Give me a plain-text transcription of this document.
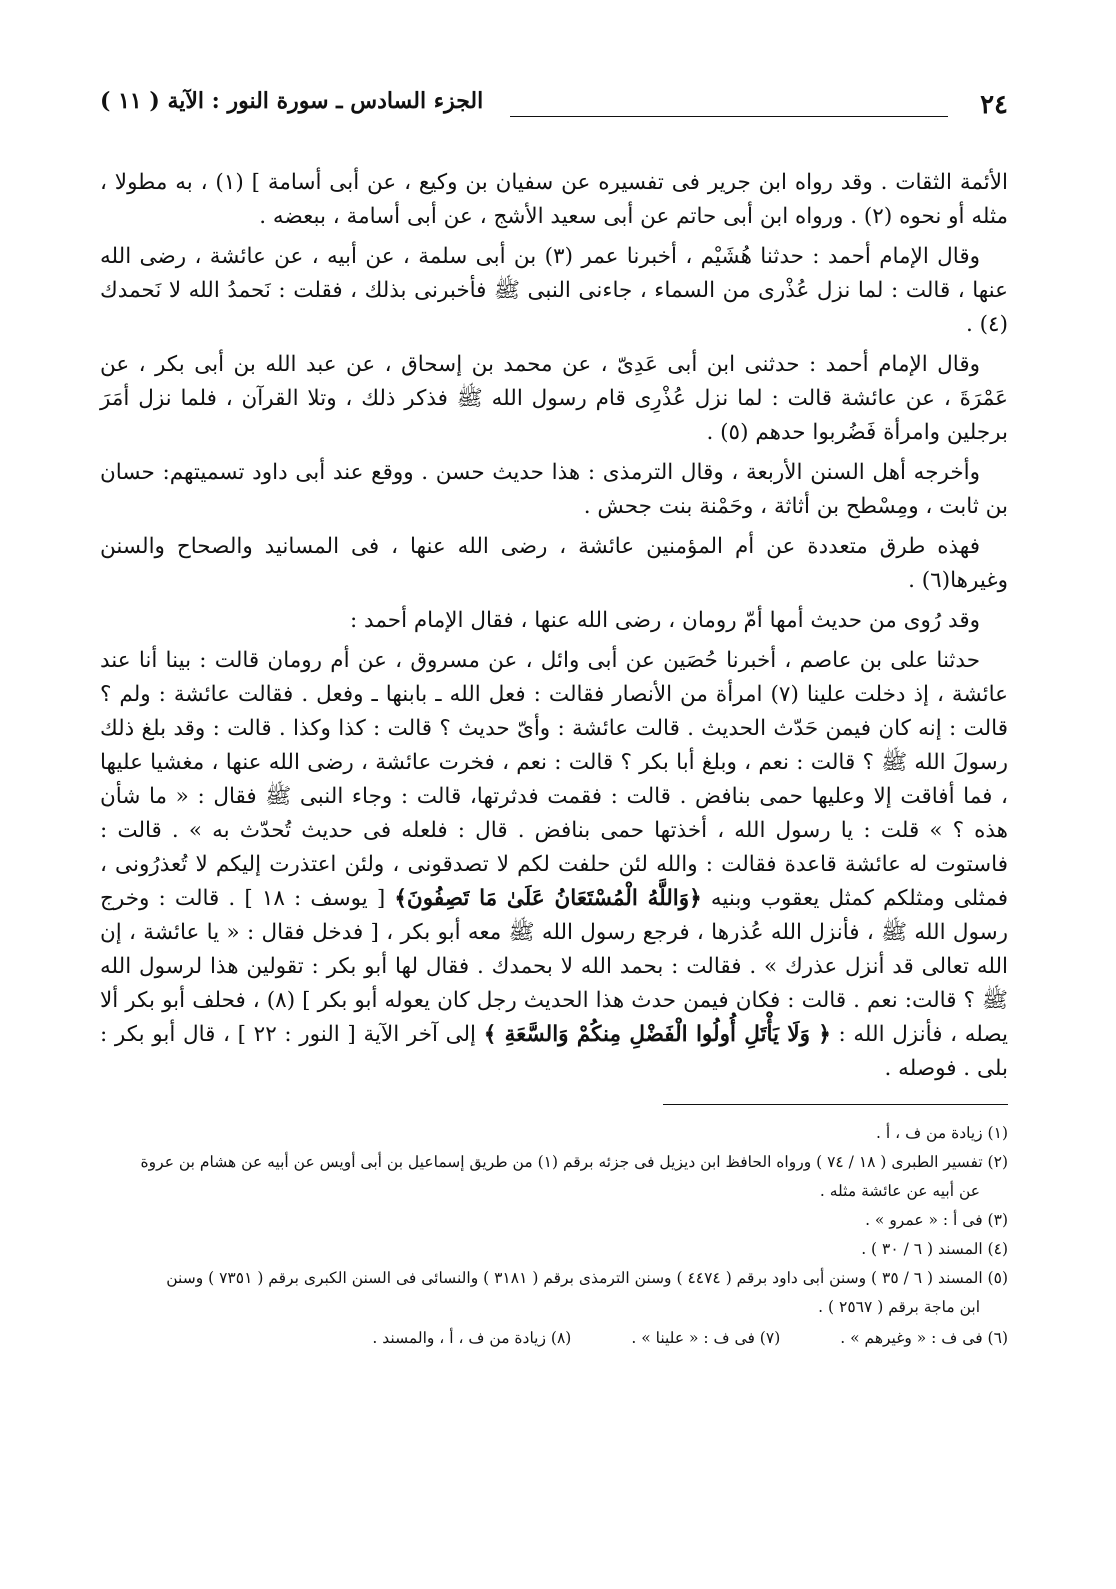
٢٤
الجزء السادس ـ سورة النور : الآية ( ١١ )

الأئمة الثقات . وقد رواه ابن جرير فى تفسيره عن سفيان بن وكيع ، عن أبى أسامة ] (١) ، به مطولا ، مثله أو نحوه (٢) . ورواه ابن أبى حاتم عن أبى سعيد الأشج ، عن أبى أسامة ، ببعضه .

وقال الإمام أحمد : حدثنا هُشَيْم ، أخبرنا عمر (٣) بن أبى سلمة ، عن أبيه ، عن عائشة ، رضى الله عنها ، قالت : لما نزل عُذْرى من السماء ، جاءنى النبى ﷺ فأخبرنى بذلك ، فقلت : نَحمدُ الله لا نَحمدك (٤) .

وقال الإمام أحمد : حدثنى ابن أبى عَدِىّ ، عن محمد بن إسحاق ، عن عبد الله بن أبى بكر ، عن عَمْرَةَ ، عن عائشة قالت : لما نزل عُذْرِى قام رسول الله ﷺ فذكر ذلك ، وتلا القرآن ، فلما نزل أمَرَ برجلين وامرأة فَضُربوا حدهم (٥) .

وأخرجه أهل السنن الأربعة ، وقال الترمذى : هذا حديث حسن . ووقع عند أبى داود تسميتهم: حسان بن ثابت ، ومِسْطح بن أثاثة ، وحَمْنة بنت جحش .

فهذه طرق متعددة عن أم المؤمنين عائشة ، رضى الله عنها ، فى المسانيد والصحاح والسنن وغيرها(٦) .

وقد رُوى من حديث أمها أمّ رومان ، رضى الله عنها ، فقال الإمام أحمد :

حدثنا على بن عاصم ، أخبرنا حُصَين عن أبى وائل ، عن مسروق ، عن أم رومان قالت : بينا أنا عند عائشة ، إذ دخلت علينا (٧) امرأة من الأنصار فقالت : فعل الله ـ بابنها ـ وفعل . فقالت عائشة : ولم ؟ قالت : إنه كان فيمن حَدّث الحديث . قالت عائشة : وأىّ حديث ؟ قالت : كذا وكذا . قالت : وقد بلغ ذلك رسولَ الله ﷺ ؟ قالت : نعم ، وبلغ أبا بكر ؟ قالت : نعم ، فخرت عائشة ، رضى الله عنها ، مغشيا عليها ، فما أفاقت إلا وعليها حمى بنافض . قالت : فقمت فدثرتها، قالت : وجاء النبى ﷺ فقال : « ما شأن هذه ؟ » قلت : يا رسول الله ، أخذتها حمى بنافض . قال : فلعله فى حديث تُحدّث به » . قالت : فاستوت له عائشة قاعدة فقالت : والله لئن حلفت لكم لا تصدقونى ، ولئن اعتذرت إليكم لا تُعذرُونى ، فمثلى ومثلكم كمثل يعقوب وبنيه ﴿وَاللَّهُ الْمُسْتَعَانُ عَلَىٰ مَا تَصِفُونَ﴾ [ يوسف : ١٨ ] . قالت : وخرج رسول الله ﷺ ، فأنزل الله عُذرها ، فرجع رسول الله ﷺ معه أبو بكر ، [ فدخل فقال : « يا عائشة ، إن الله تعالى قد أنزل عذرك » . فقالت : بحمد الله لا بحمدك . فقال لها أبو بكر : تقولين هذا لرسول الله ﷺ ؟ قالت: نعم . قالت : فكان فيمن حدث هذا الحديث رجل كان يعوله أبو بكر ] (٨) ، فحلف أبو بكر ألا يصله ، فأنزل الله : ﴿ وَلَا يَأْتَلِ أُولُوا الْفَضْلِ مِنكُمْ وَالسَّعَةِ ﴾ إلى آخر الآية [ النور : ٢٢ ] ، قال أبو بكر : بلى . فوصله .

(١) زيادة من ف ، أ .
(٢) تفسير الطبرى ( ١٨ / ٧٤ ) ورواه الحافظ ابن ديزيل فى جزئه برقم (١) من طريق إسماعيل بن أبى أويس عن أبيه عن هشام بن عروة
عن أبيه عن عائشة مثله .
(٣) فى أ : « عمرو » .
(٤) المسند ( ٦ / ٣٠ ) .
(٥) المسند ( ٦ / ٣٥ ) وسنن أبى داود برقم ( ٤٤٧٤ ) وسنن الترمذى برقم ( ٣١٨١ ) والنسائى فى السنن الكبرى برقم ( ٧٣٥١ ) وسنن
ابن ماجة برقم ( ٢٥٦٧ ) .
(٦) فى ف : « وغيرهم » .
(٧) فى ف : « علينا » .
(٨) زيادة من ف ، أ ، والمسند .
